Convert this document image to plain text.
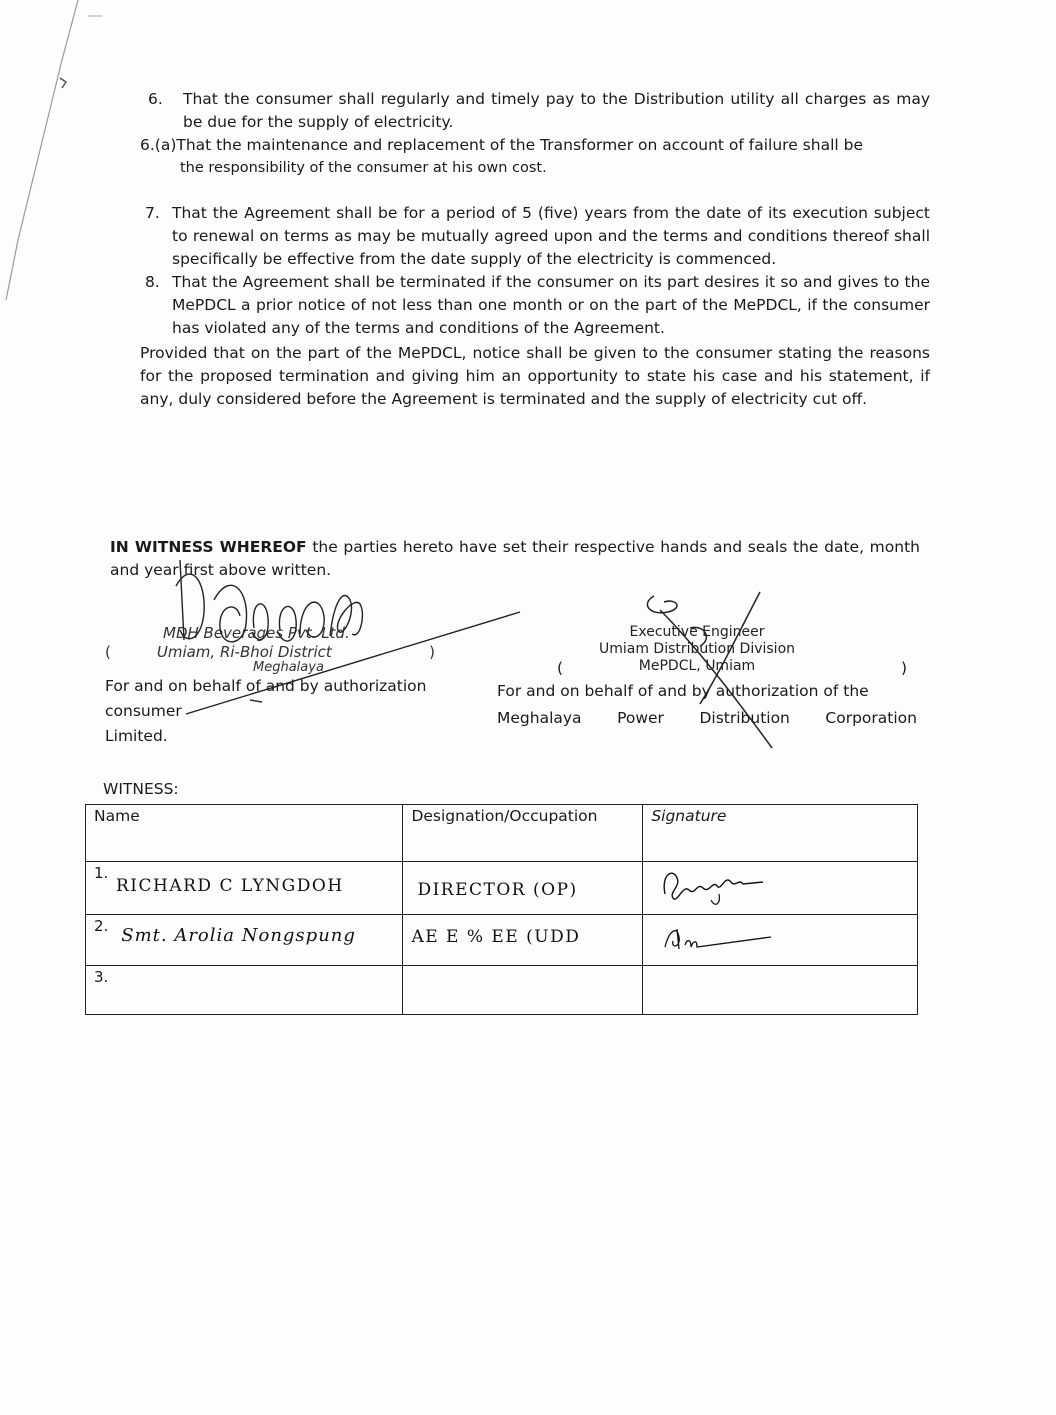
6.	That the consumer shall regularly and timely pay to the Distribution utility all charges as may be due for the supply of electricity.

6.(a)That the maintenance and replacement of the Transformer on account of failure shall be
the responsibility of the consumer at his own cost.

7. That the Agreement shall be for a period of 5 (five) years from the date of its execution subject to renewal on terms as may be mutually agreed upon and the terms and conditions thereof shall specifically be effective from the date supply of the electricity is commenced.

8. That the Agreement shall be terminated if the consumer on its part desires it so and gives to the MePDCL a prior notice of not less than one month or on the part of the MePDCL, if the consumer has violated any of the terms and conditions of the Agreement.

Provided that on the part of the MePDCL, notice shall be given to the consumer stating the reasons for the proposed termination and giving him an opportunity to state his case and his statement, if any, duly considered before the Agreement is terminated and the supply of electricity cut off.

IN WITNESS WHEREOF the parties hereto have set their respective hands and seals the date, month and year first above written.
MDH Beverages Pvt. Ltd.
(	Umiam, Ri-Bhoi District	)
Meghalaya
For and on behalf of and by authorization
consumer
Limited.
Executive Engineer
Umiam Distribution Division
MePDCL, Umiam
(	)
For and on behalf of and by authorization of the
Meghalaya Power Distribution Corporation
WITNESS:
Name	Designation/Occupation	Signature

1.
RICHARD C LYNGDOH	DIRECTOR (OP)	
2. Smt. Arolia Nongspung	AE E % EE (UDD	

3.		
